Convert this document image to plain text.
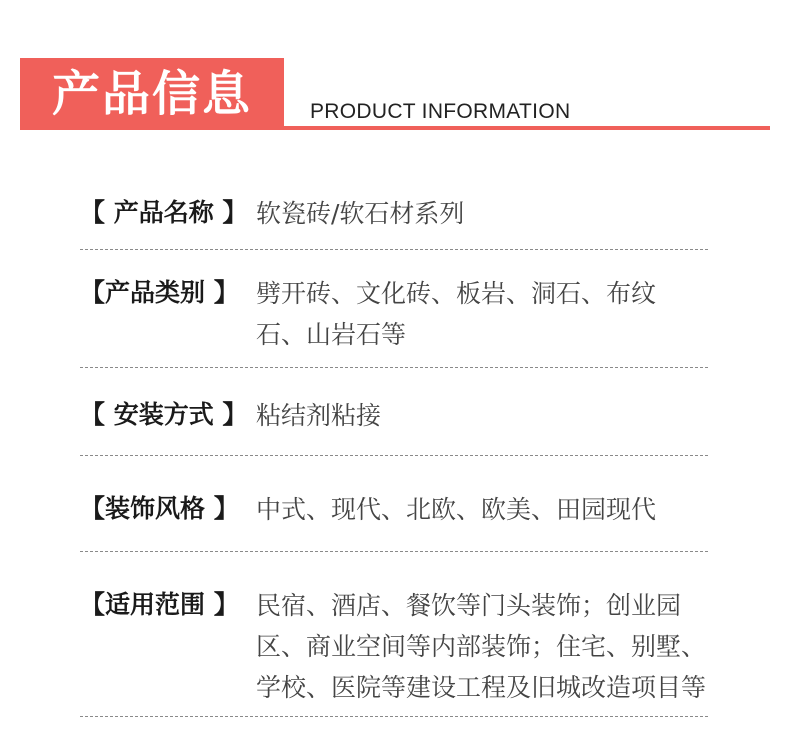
产品信息	PRODUCT INFORMATION
【 产品名称 】 软瓷砖/软石材系列
【产品类别 】 劈开砖、文化砖、板岩、洞石、布纹石、山岩石等
【 安装方式 】 粘结剂粘接
【装饰风格 】 中式、现代、北欧、欧美、田园现代
【适用范围 】 民宿、酒店、餐饮等门头装饰；创业园区、商业空间等内部装饰；住宅、别墅、学校、医院等建设工程及旧城改造项目等
